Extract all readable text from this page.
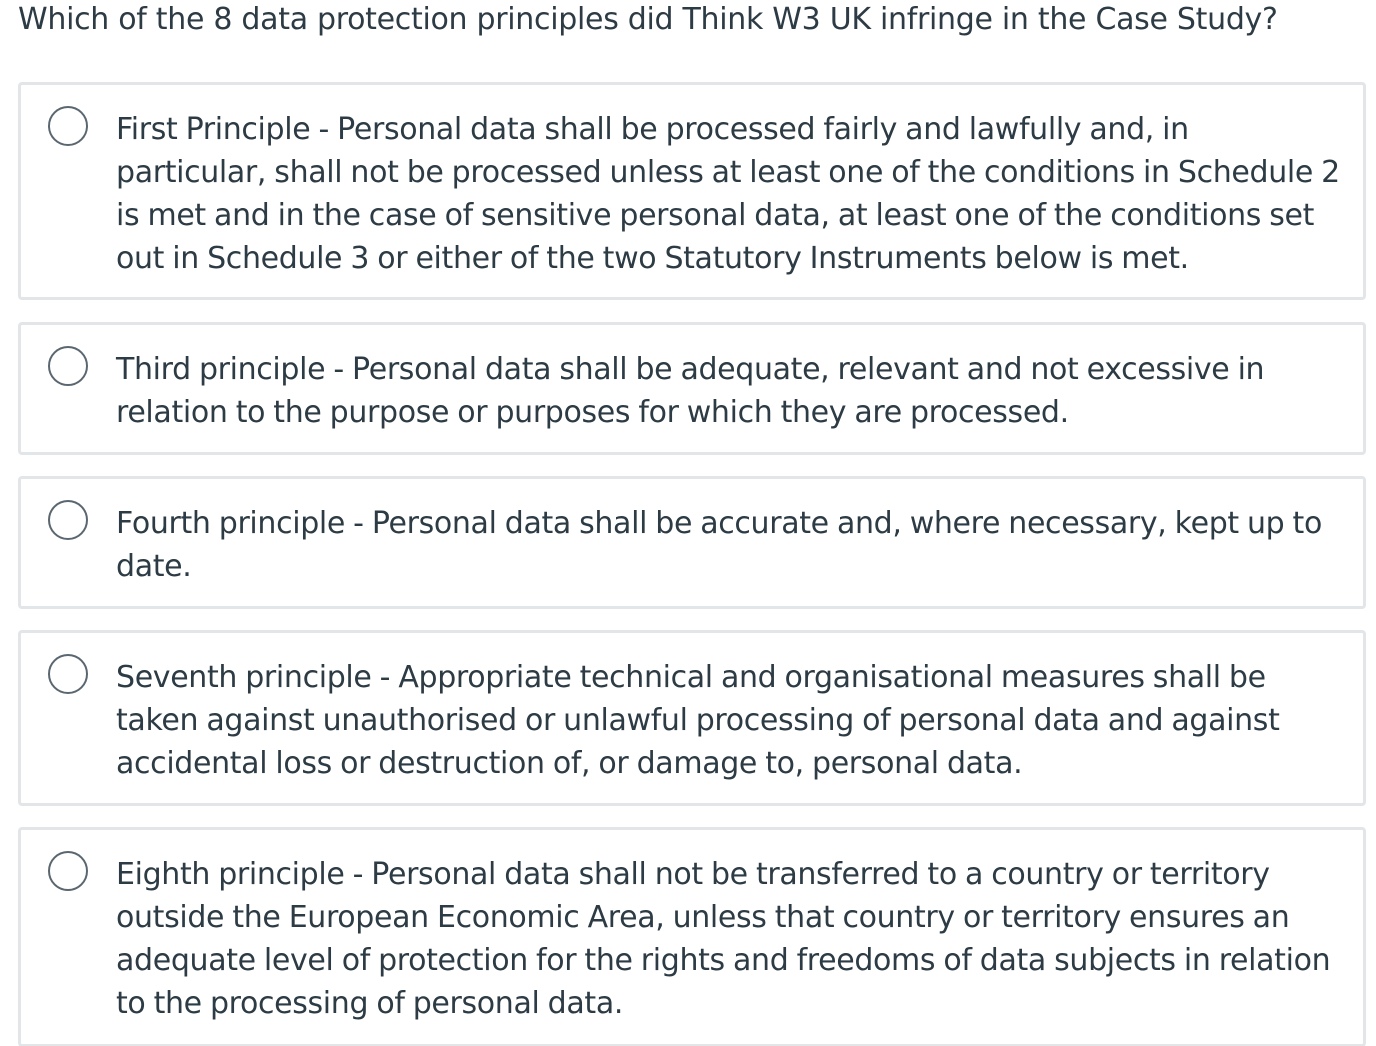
Which of the 8 data protection principles did Think W3 UK infringe in the Case Study?
First Principle - Personal data shall be processed fairly and lawfully and, in particular, shall not be processed unless at least one of the conditions in Schedule 2 is met and in the case of sensitive personal data, at least one of the conditions set out in Schedule 3 or either of the two Statutory Instruments below is met.
Third principle - Personal data shall be adequate, relevant and not excessive in relation to the purpose or purposes for which they are processed.
Fourth principle - Personal data shall be accurate and, where necessary, kept up to date.
Seventh principle - Appropriate technical and organisational measures shall be taken against unauthorised or unlawful processing of personal data and against accidental loss or destruction of, or damage to, personal data.
Eighth principle - Personal data shall not be transferred to a country or territory outside the European Economic Area, unless that country or territory ensures an adequate level of protection for the rights and freedoms of data subjects in relation to the processing of personal data.
